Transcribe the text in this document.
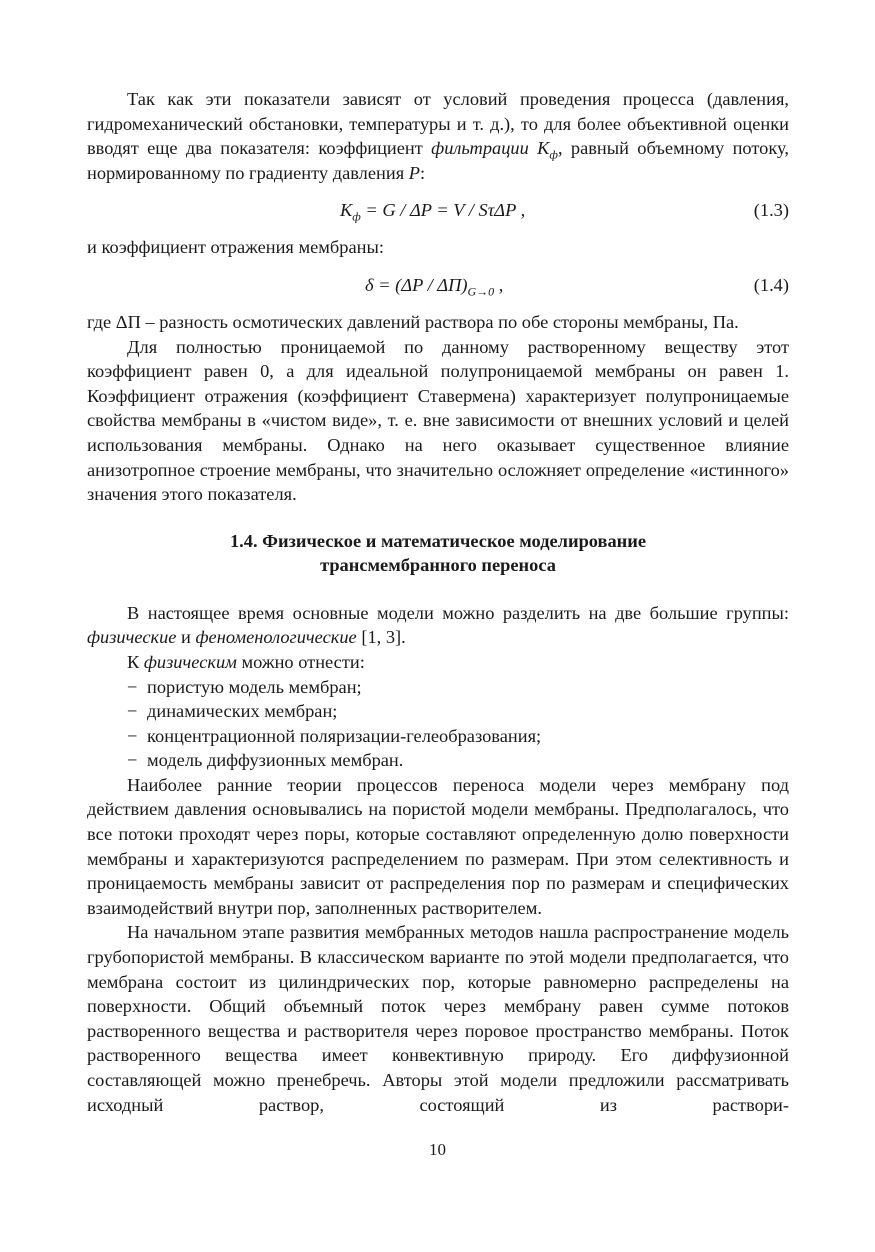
Так как эти показатели зависят от условий проведения процесса (давления, гидромеханический обстановки, температуры и т. д.), то для более объективной оценки вводят еще два показателя: коэффициент фильтрации $K_ф$, равный объемному потоку, нормированному по градиенту давления P:

$K_ф = G / \Delta P = V / S\tau\Delta P$ ,	(1.3)

и коэффициент отражения мембраны:

$\delta = (\Delta P / \Delta\Pi)_{G\to 0}$ ,	(1.4)

где ΔΠ – разность осмотических давлений раствора по обе стороны мембраны, Па.

Для полностью проницаемой по данному растворенному веществу этот коэффициент равен 0, а для идеальной полупроницаемой мембраны он равен 1. Коэффициент отражения (коэффициент Ставермена) характеризует полупроницаемые свойства мембраны в «чистом виде», т. е. вне зависимости от внешних условий и целей использования мембраны. Однако на него оказывает существенное влияние анизотропное строение мембраны, что значительно осложняет определение «истинного» значения этого показателя.

1.4. Физическое и математическое моделирование
трансмембранного переноса

В настоящее время основные модели можно разделить на две большие группы: физические и феноменологические [1, 3].

К физическим можно отнести:

− пористую модель мембран;
− динамических мембран;
− концентрационной поляризации-гелеобразования;
− модель диффузионных мембран.

Наиболее ранние теории процессов переноса модели через мембрану под действием давления основывались на пористой модели мембраны. Предполагалось, что все потоки проходят через поры, которые составляют определенную долю поверхности мембраны и характеризуются распределением по размерам. При этом селективность и проницаемость мембраны зависит от распределения пор по размерам и специфических взаимодействий внутри пор, заполненных растворителем.

На начальном этапе развития мембранных методов нашла распространение модель грубопористой мембраны. В классическом варианте по этой модели предполагается, что мембрана состоит из цилиндрических пор, которые равномерно распределены на поверхности. Общий объемный поток через мембрану равен сумме потоков растворенного вещества и растворителя через поровое пространство мембраны. Поток растворенного вещества имеет конвективную природу. Его диффузионной составляющей можно пренебречь. Авторы этой модели предложили рассматривать исходный раствор, состоящий из раствори-

10
